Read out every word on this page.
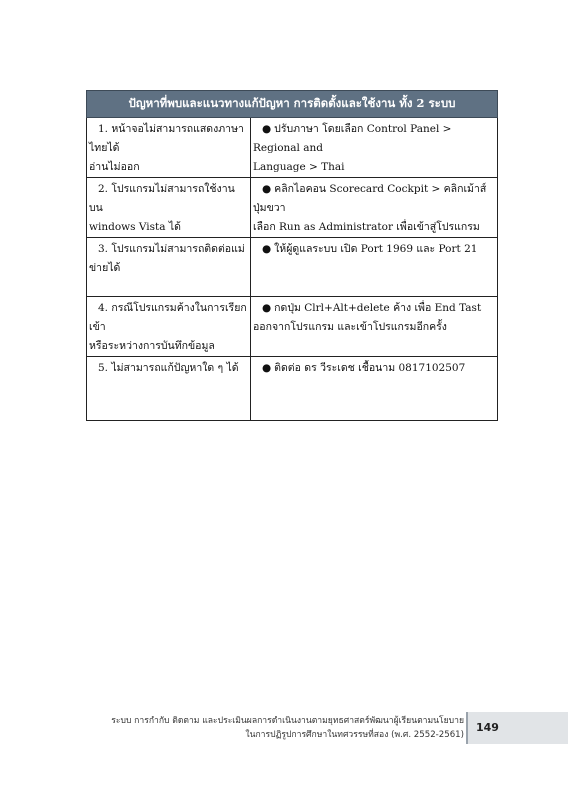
ปัญหาที่พบและแนวทางแก้ปัญหา การติดตั้งและใช้งาน ทั้ง 2 ระบบ	
1. หน้าจอไม่สามารถแสดงภาษาไทยได้
อ่านไม่ออก	● ปรับภาษา โดยเลือก Control Panel > Regional and
Language > Thai
2. โปรแกรมไม่สามารถใช้งานบน
windows Vista ได้	● คลิกไอคอน Scorecard Cockpit > คลิกเม้าส์ปุ่มขวา
เลือก Run as Administrator เพื่อเข้าสู่โปรแกรม
3. โปรแกรมไม่สามารถติดต่อแม่ข่ายได้	● ให้ผู้ดูแลระบบ เปิด Port 1969 และ Port 21
4. กรณีโปรแกรมค้างในการเรียกเข้า
หรือระหว่างการบันทึกข้อมูล	● กดปุ่ม Clrl+Alt+delete ค้าง เพื่อ End Tast
ออกจากโปรแกรม และเข้าโปรแกรมอีกครั้ง
5. ไม่สามารถแก้ปัญหาใด ๆ ได้	● ติดต่อ ดร วีระเดช เชื้อนาม 0817102507
ระบบ การกำกับ ติดตาม และประเมินผลการดำเนินงานตามยุทธศาสตร์พัฒนาผู้เรียนตามนโยบาย
ในการปฏิรูปการศึกษาในทศวรรษที่สอง (พ.ศ. 2552-2561)
149
